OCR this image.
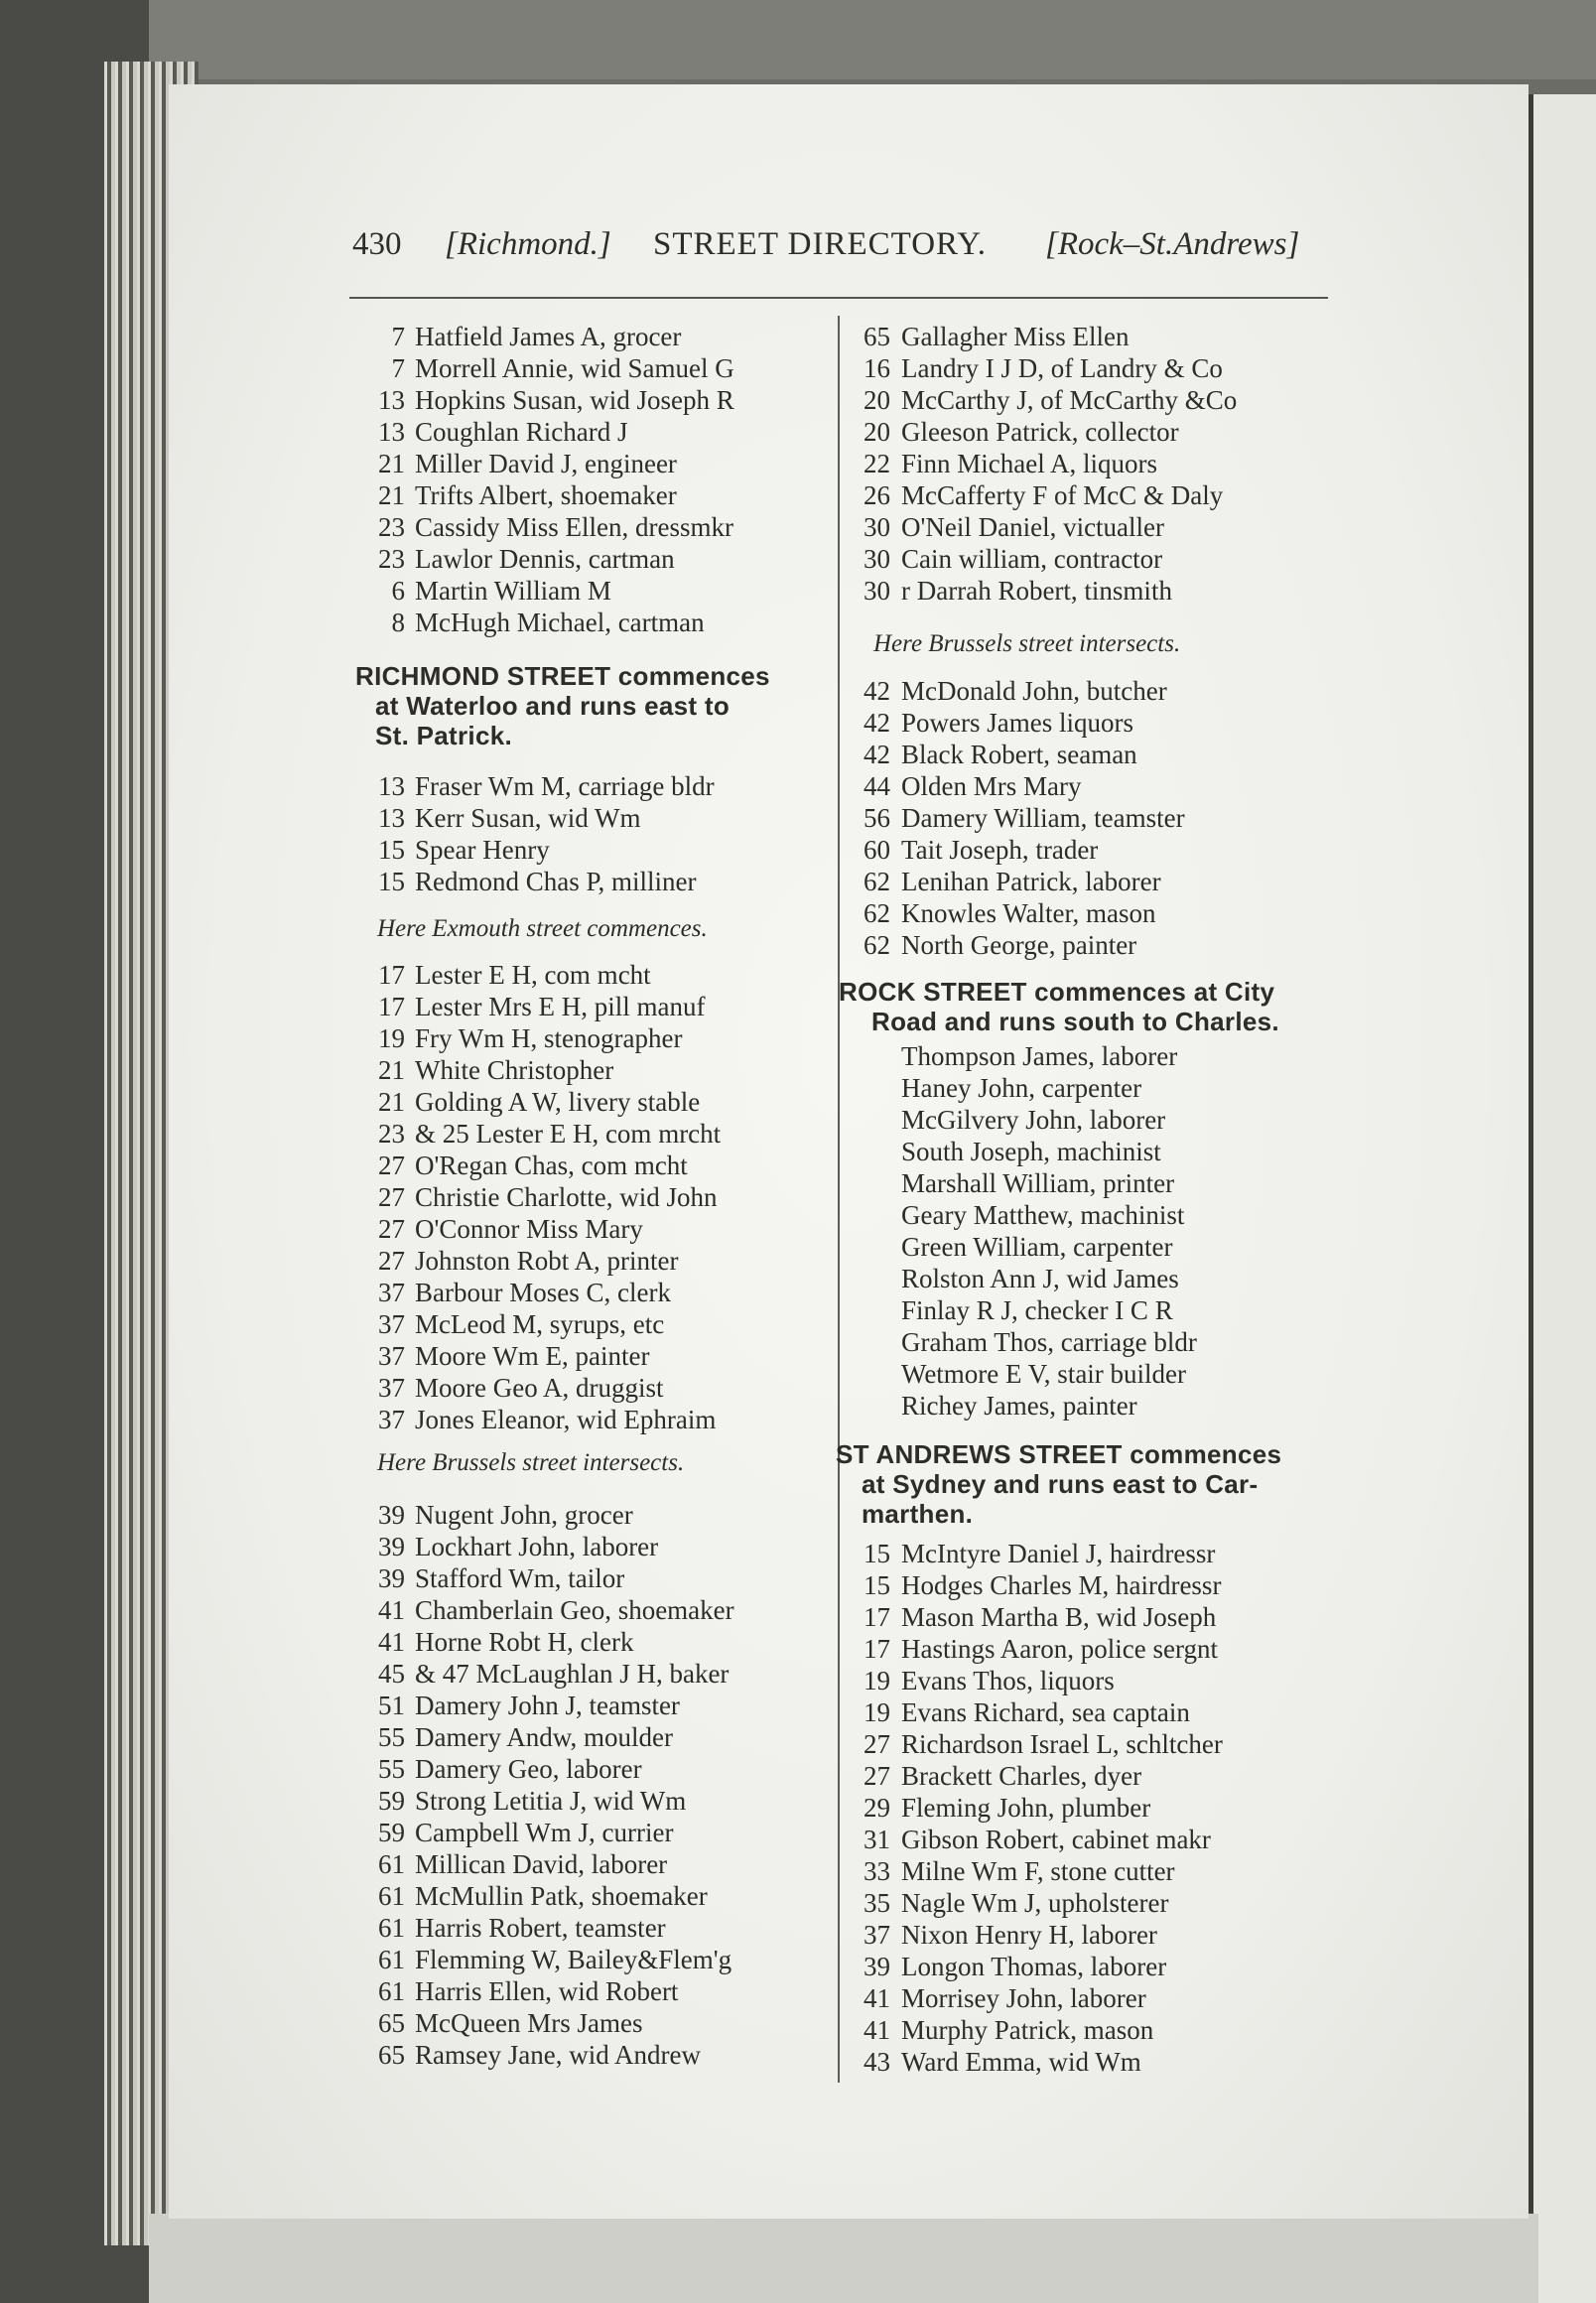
430 [Richmond.] STREET DIRECTORY. [Rock–St.Andrews]
7 Hatfield James A, grocer
7 Morrell Annie, wid Samuel G
13 Hopkins Susan, wid Joseph R
13 Coughlan Richard J
21 Miller David J, engineer
21 Trifts Albert, shoemaker
23 Cassidy Miss Ellen, dressmkr
23 Lawlor Dennis, cartman
6 Martin William M
8 McHugh Michael, cartman
RICHMOND STREET commences
at Waterloo and runs east to
St. Patrick.
13 Fraser Wm M, carriage bldr
13 Kerr Susan, wid Wm
15 Spear Henry
15 Redmond Chas P, milliner
Here Exmouth street commences.
17 Lester E H, com mcht
17 Lester Mrs E H, pill manuf
19 Fry Wm H, stenographer
21 White Christopher
21 Golding A W, livery stable
23 & 25 Lester E H, com mrcht
27 O'Regan Chas, com mcht
27 Christie Charlotte, wid John
27 O'Connor Miss Mary
27 Johnston Robt A, printer
37 Barbour Moses C, clerk
37 McLeod M, syrups, etc
37 Moore Wm E, painter
37 Moore Geo A, druggist
37 Jones Eleanor, wid Ephraim
Here Brussels street intersects.
39 Nugent John, grocer
39 Lockhart John, laborer
39 Stafford Wm, tailor
41 Chamberlain Geo, shoemaker
41 Horne Robt H, clerk
45 & 47 McLaughlan J H, baker
51 Damery John J, teamster
55 Damery Andw, moulder
55 Damery Geo, laborer
59 Strong Letitia J, wid Wm
59 Campbell Wm J, currier
61 Millican David, laborer
61 McMullin Patk, shoemaker
61 Harris Robert, teamster
61 Flemming W, Bailey&Flem'g
61 Harris Ellen, wid Robert
65 McQueen Mrs James
65 Ramsey Jane, wid Andrew
65 Gallagher Miss Ellen
16 Landry I J D, of Landry & Co
20 McCarthy J, of McCarthy &Co
20 Gleeson Patrick, collector
22 Finn Michael A, liquors
26 McCafferty F of McC & Daly
30 O'Neil Daniel, victualler
30 Cain william, contractor
30 r Darrah Robert, tinsmith
Here Brussels street intersects.
42 McDonald John, butcher
42 Powers James liquors
42 Black Robert, seaman
44 Olden Mrs Mary
56 Damery William, teamster
60 Tait Joseph, trader
62 Lenihan Patrick, laborer
62 Knowles Walter, mason
62 North George, painter
ROCK STREET commences at City
Road and runs south to Charles.
Thompson James, laborer
Haney John, carpenter
McGilvery John, laborer
South Joseph, machinist
Marshall William, printer
Geary Matthew, machinist
Green William, carpenter
Rolston Ann J, wid James
Finlay R J, checker I C R
Graham Thos, carriage bldr
Wetmore E V, stair builder
Richey James, painter
ST ANDREWS STREET commences
at Sydney and runs east to Car-
marthen.
15 McIntyre Daniel J, hairdressr
15 Hodges Charles M, hairdressr
17 Mason Martha B, wid Joseph
17 Hastings Aaron, police sergnt
19 Evans Thos, liquors
19 Evans Richard, sea captain
27 Richardson Israel L, schltcher
27 Brackett Charles, dyer
29 Fleming John, plumber
31 Gibson Robert, cabinet makr
33 Milne Wm F, stone cutter
35 Nagle Wm J, upholsterer
37 Nixon Henry H, laborer
39 Longon Thomas, laborer
41 Morrisey John, laborer
41 Murphy Patrick, mason
43 Ward Emma, wid Wm
